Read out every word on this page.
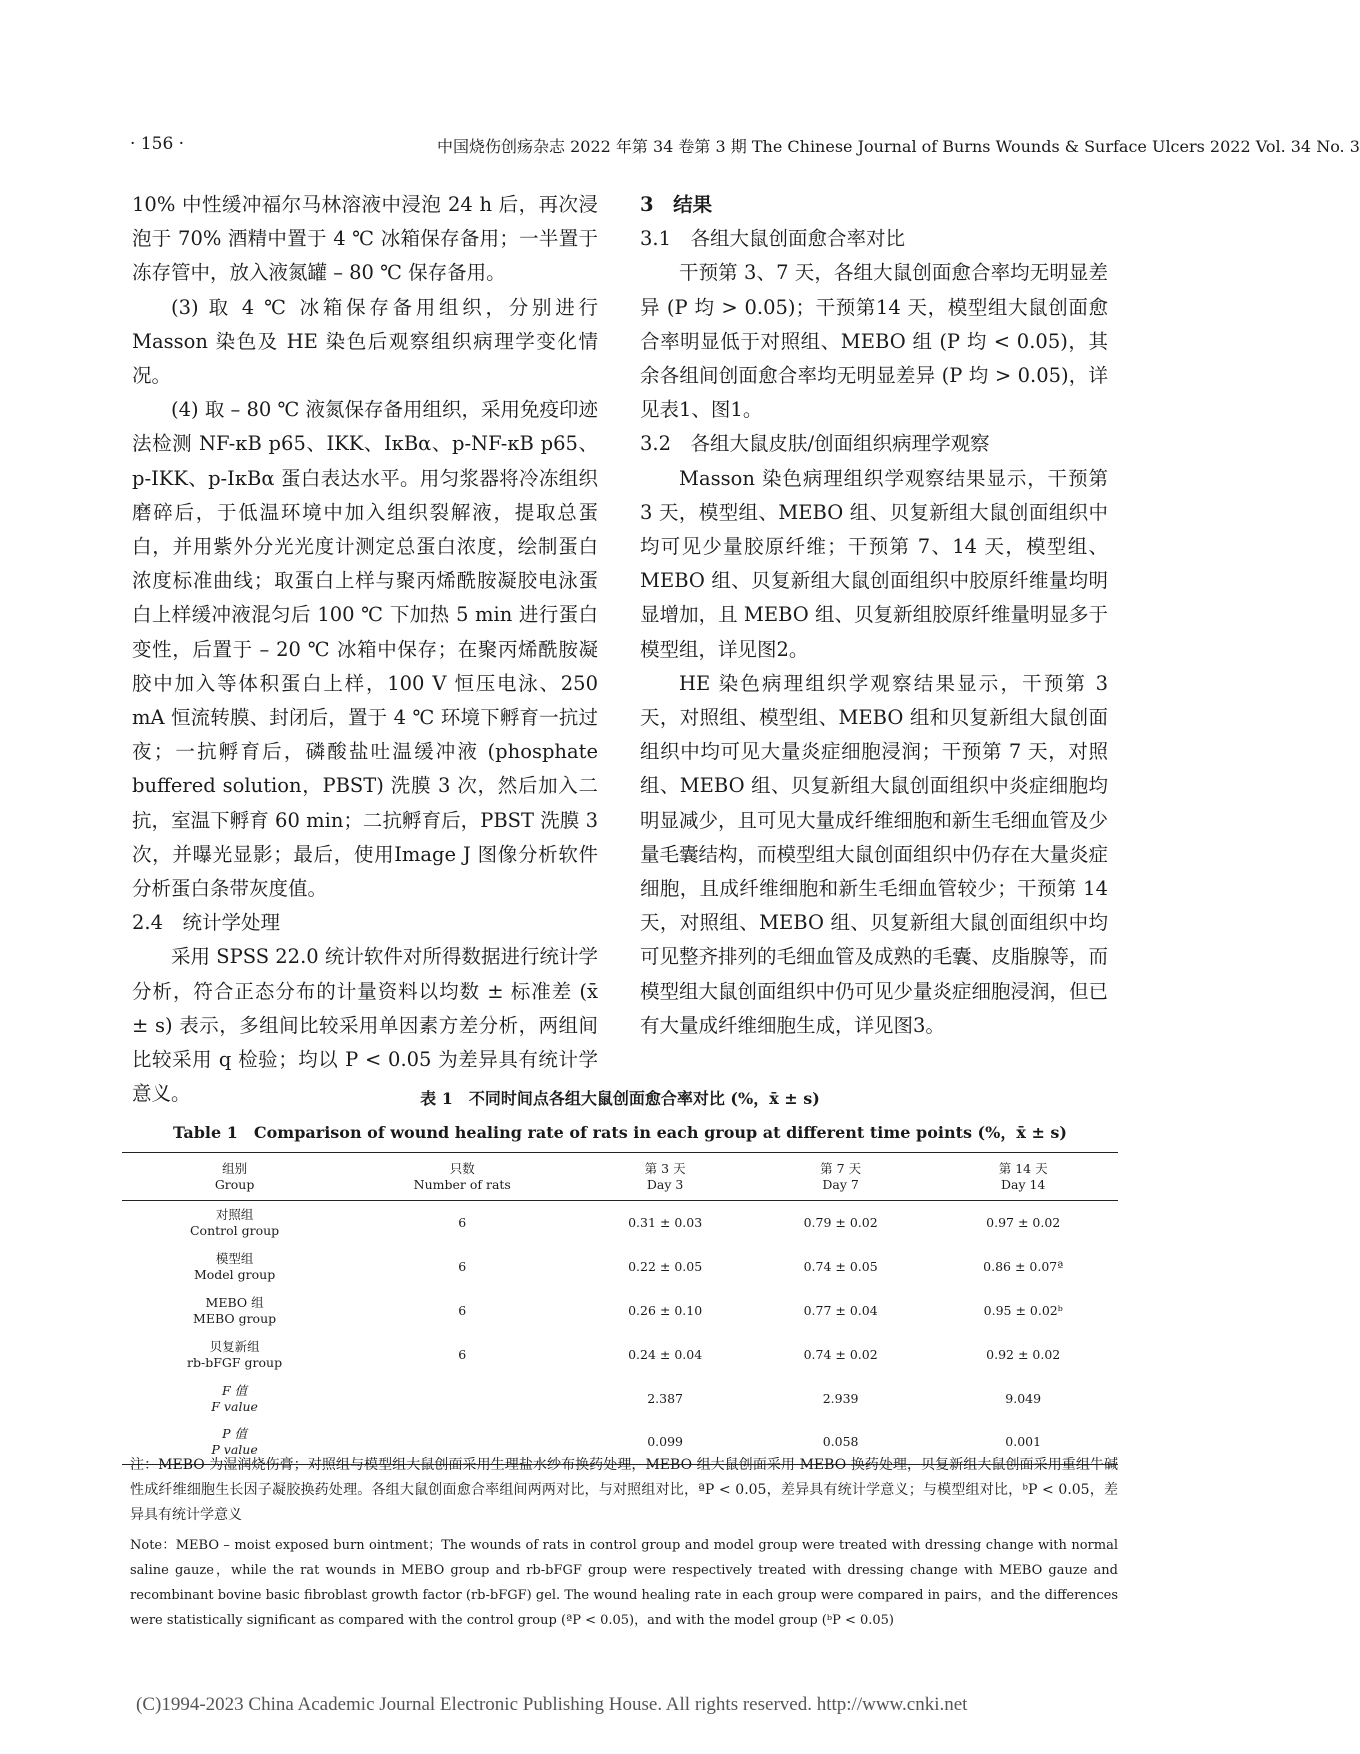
· 156 ·	中国烧伤创疡杂志 2022 年第 34 卷第 3 期 The Chinese Journal of Burns Wounds & Surface Ulcers 2022 Vol. 34 No. 3

10% 中性缓冲福尔马林溶液中浸泡 24 h 后，再次浸泡于 70% 酒精中置于 4 ℃ 冰箱保存备用；一半置于冻存管中，放入液氮罐 – 80 ℃ 保存备用。

(3) 取 4 ℃ 冰箱保存备用组织，分别进行 Masson 染色及 HE 染色后观察组织病理学变化情况。

(4) 取 – 80 ℃ 液氮保存备用组织，采用免疫印迹法检测 NF-κB p65、IKK、IκBα、p-NF-κB p65、p-IKK、p-IκBα 蛋白表达水平。用匀浆器将冷冻组织磨碎后，于低温环境中加入组织裂解液，提取总蛋白，并用紫外分光光度计测定总蛋白浓度，绘制蛋白浓度标准曲线；取蛋白上样与聚丙烯酰胺凝胶电泳蛋白上样缓冲液混匀后 100 ℃ 下加热 5 min 进行蛋白变性，后置于 – 20 ℃ 冰箱中保存；在聚丙烯酰胺凝胶中加入等体积蛋白上样，100 V 恒压电泳、250 mA 恒流转膜、封闭后，置于 4 ℃ 环境下孵育一抗过夜；一抗孵育后，磷酸盐吐温缓冲液 (phosphate buffered solution，PBST) 洗膜 3 次，然后加入二抗，室温下孵育 60 min；二抗孵育后，PBST 洗膜 3 次，并曝光显影；最后，使用Image J 图像分析软件分析蛋白条带灰度值。

2.4　统计学处理

采用 SPSS 22.0 统计软件对所得数据进行统计学分析，符合正态分布的计量资料以均数 ± 标准差 (x̄ ± s) 表示，多组间比较采用单因素方差分析，两组间比较采用 q 检验；均以 P < 0.05 为差异具有统计学意义。

3　结果

3.1　各组大鼠创面愈合率对比

干预第 3、7 天，各组大鼠创面愈合率均无明显差异 (P 均 > 0.05)；干预第14 天，模型组大鼠创面愈合率明显低于对照组、MEBO 组 (P 均 < 0.05)，其余各组间创面愈合率均无明显差异 (P 均 > 0.05)，详见表1、图1。

3.2　各组大鼠皮肤/创面组织病理学观察

Masson 染色病理组织学观察结果显示，干预第 3 天，模型组、MEBO 组、贝复新组大鼠创面组织中均可见少量胶原纤维；干预第 7、14 天，模型组、MEBO 组、贝复新组大鼠创面组织中胶原纤维量均明显增加，且 MEBO 组、贝复新组胶原纤维量明显多于模型组，详见图2。

HE 染色病理组织学观察结果显示，干预第 3 天，对照组、模型组、MEBO 组和贝复新组大鼠创面组织中均可见大量炎症细胞浸润；干预第 7 天，对照组、MEBO 组、贝复新组大鼠创面组织中炎症细胞均明显减少，且可见大量成纤维细胞和新生毛细血管及少量毛囊结构，而模型组大鼠创面组织中仍存在大量炎症细胞，且成纤维细胞和新生毛细血管较少；干预第 14 天，对照组、MEBO 组、贝复新组大鼠创面组织中均可见整齐排列的毛细血管及成熟的毛囊、皮脂腺等，而模型组大鼠创面组织中仍可见少量炎症细胞浸润，但已有大量成纤维细胞生成，详见图3。

表 1　不同时间点各组大鼠创面愈合率对比 (%，x̄ ± s)
Table 1　Comparison of wound healing rate of rats in each group at different time points (%，x̄ ± s)
组别
Group	只数
Number of rats	第 3 天
Day 3	第 7 天
Day 7	第 14 天
Day 14
对照组
Control group	6	0.31 ± 0.03	0.79 ± 0.02	0.97 ± 0.02
模型组
Model group	6	0.22 ± 0.05	0.74 ± 0.05	0.86 ± 0.07ª
MEBO 组
MEBO group	6	0.26 ± 0.10	0.77 ± 0.04	0.95 ± 0.02ᵇ
贝复新组
rb-bFGF group	6	0.24 ± 0.04	0.74 ± 0.02	0.92 ± 0.02
F 值
F value		2.387	2.939	9.049
P 值
P value		0.099	0.058	0.001

注：MEBO 为湿润烧伤膏；对照组与模型组大鼠创面采用生理盐水纱布换药处理，MEBO 组大鼠创面采用 MEBO 换药处理，贝复新组大鼠创面采用重组牛碱性成纤维细胞生长因子凝胶换药处理。各组大鼠创面愈合率组间两两对比，与对照组对比，ªP < 0.05，差异具有统计学意义；与模型组对比，ᵇP < 0.05，差异具有统计学意义

Note：MEBO – moist exposed burn ointment；The wounds of rats in control group and model group were treated with dressing change with normal saline gauze，while the rat wounds in MEBO group and rb-bFGF group were respectively treated with dressing change with MEBO gauze and recombinant bovine basic fibroblast growth factor (rb-bFGF) gel. The wound healing rate in each group were compared in pairs，and the differences were statistically significant as compared with the control group (ªP < 0.05)，and with the model group (ᵇP < 0.05)

(C)1994-2023 China Academic Journal Electronic Publishing House. All rights reserved. http://www.cnki.net
